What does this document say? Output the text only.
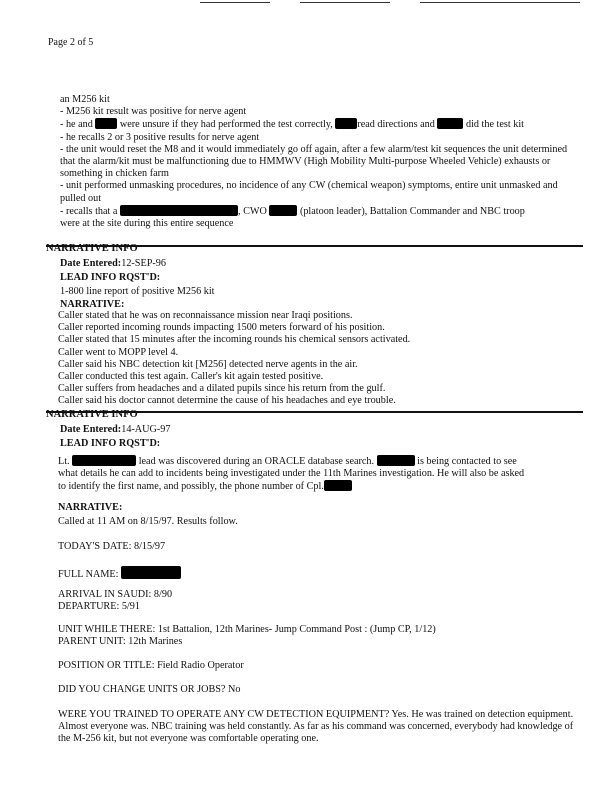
Page 2 of 5
an M256 kit
- M256 kit result was positive for nerve agent
- he and	were unsure if they had performed the test correctly, read directions and	did the test kit
- he recalls 2 or 3 positive results for nerve agent
- the unit would reset the M8 and it would immediately go off again, after a few alarm/test kit sequences the unit determined that the alarm/kit must be malfunctioning due to HMMWV (High Mobility Multi-purpose Wheeled Vehicle) exhausts or something in chicken farm
- unit performed unmasking procedures, no incidence of any CW (chemical weapon) symptoms, entire unit unmasked and pulled out
- recalls that a	, CWO	(platoon leader), Battalion Commander and NBC troop
were at the site during this entire sequence
NARRATIVE INFO
Date Entered:12-SEP-96
LEAD INFO RQST'D:
1-800 line report of positive M256 kit
NARRATIVE:
Caller stated that he was on reconnaissance mission near Iraqi positions.
Caller reported incoming rounds impacting 1500 meters forward of his position.
Caller stated that 15 minutes after the incoming rounds his chemical sensors activated.
Caller went to MOPP level 4.
Caller said his NBC detection kit [M256] detected nerve agents in the air.
Caller conducted this test again. Caller's kit again tested positive.
Caller suffers from headaches and a dilated pupils since his return from the gulf.
Caller said his doctor cannot determine the cause of his headaches and eye trouble.
NARRATIVE INFO
Date Entered:14-AUG-97
LEAD INFO RQST'D:
Lt.	lead was discovered during an ORACLE database search.	is being contacted to see
what details he can add to incidents being investigated under the 11th Marines investigation. He will also be asked
to identify the first name, and possibly, the phone number of Cpl.
NARRATIVE:
Called at 11 AM on 8/15/97. Results follow.
TODAY'S DATE: 8/15/97
FULL NAME:
ARRIVAL IN SAUDI: 8/90
DEPARTURE: 5/91
UNIT WHILE THERE: 1st Battalion, 12th Marines- Jump Command Post : (Jump CP, 1/12)
PARENT UNIT: 12th Marines
POSITION OR TITLE: Field Radio Operator
DID YOU CHANGE UNITS OR JOBS? No
WERE YOU TRAINED TO OPERATE ANY CW DETECTION EQUIPMENT? Yes. He was trained on detection equipment. Almost everyone was. NBC training was held constantly. As far as his command was concerned, everybody had knowledge of the M-256 kit, but not everyone was comfortable operating one.
